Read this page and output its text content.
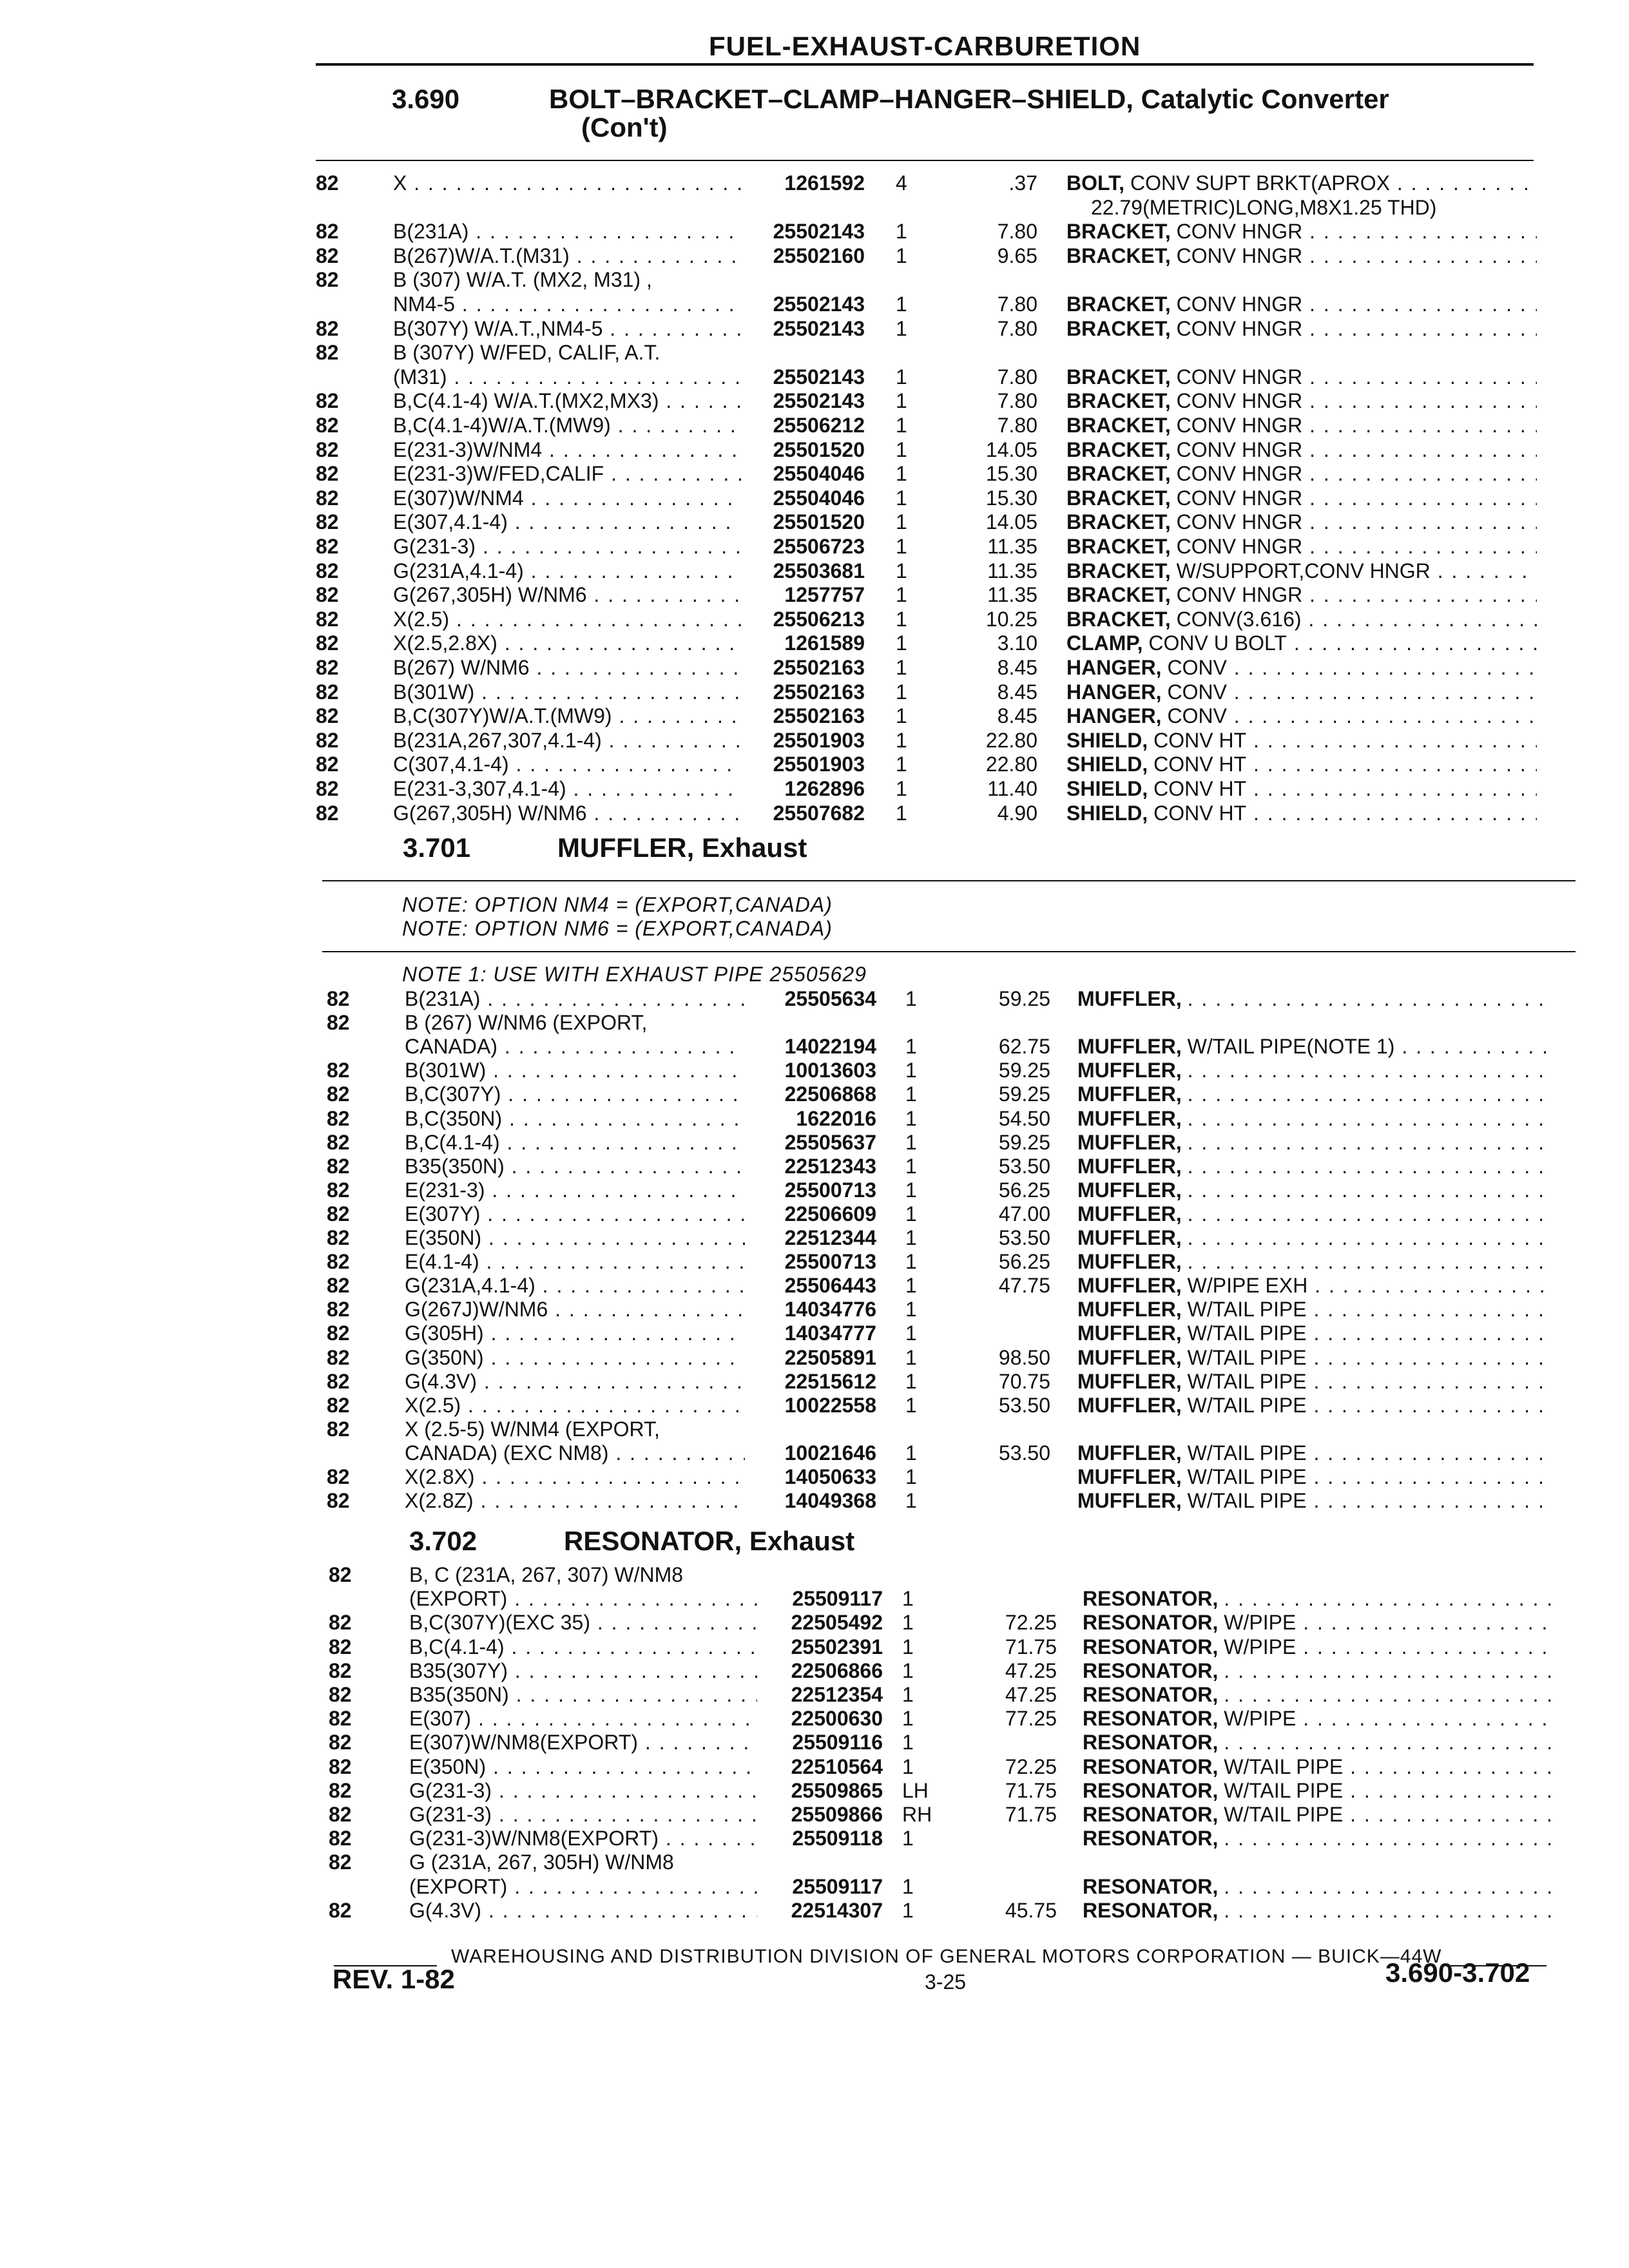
FUEL-EXHAUST-CARBURETION
3.690	BOLT–BRACKET–CLAMP–HANGER–SHIELD, Catalytic Converter
(Con't)
82	X . . .	1261592 4	.37 BOLT, CONV SUPT BRKT(APROX . . .
22.79(METRIC)LONG,M8X1.25 THD)
82	B(231A) . . .	25502143 1	7.80 BRACKET, CONV HNGR . . .
82	B(267)W/A.T.(M31) . . .	25502160 1	9.65 BRACKET, CONV HNGR . . .
82	B (307) W/A.T. (MX2, M31) ,
NM4-5 . . .	25502143 1	7.80 BRACKET, CONV HNGR . . .
82	B(307Y) W/A.T.,NM4-5 . . .	25502143 1	7.80 BRACKET, CONV HNGR . . .
82	B (307Y) W/FED, CALIF, A.T.
(M31) . . .	25502143 1	7.80 BRACKET, CONV HNGR . . .
82	B,C(4.1-4) W/A.T.(MX2,MX3) . . .	25502143 1	7.80 BRACKET, CONV HNGR . . .
82	B,C(4.1-4)W/A.T.(MW9) . . .	25506212 1	7.80 BRACKET, CONV HNGR . . .
82	E(231-3)W/NM4 . . .	25501520 1	14.05 BRACKET, CONV HNGR . . .
82	E(231-3)W/FED,CALIF . . .	25504046 1	15.30 BRACKET, CONV HNGR . . .
82	E(307)W/NM4 . . .	25504046 1	15.30 BRACKET, CONV HNGR . . .
82	E(307,4.1-4) . . .	25501520 1	14.05 BRACKET, CONV HNGR . . .
82	G(231-3) . . .	25506723 1	11.35 BRACKET, CONV HNGR . . .
82	G(231A,4.1-4) . . .	25503681 1	11.35 BRACKET, W/SUPPORT,CONV HNGR . . .
82	G(267,305H) W/NM6 . . .	1257757 1	11.35 BRACKET, CONV HNGR . . .
82	X(2.5) . . .	25506213 1	10.25 BRACKET, CONV(3.616) . . .
82	X(2.5,2.8X) . . .	1261589 1	3.10 CLAMP, CONV U BOLT . . .
82	B(267) W/NM6 . . .	25502163 1	8.45 HANGER, CONV . . .
82	B(301W) . . .	25502163 1	8.45 HANGER, CONV . . .
82	B,C(307Y)W/A.T.(MW9) . . .	25502163 1	8.45 HANGER, CONV . . .
82	B(231A,267,307,4.1-4) . . .	25501903 1	22.80 SHIELD, CONV HT . . .
82	C(307,4.1-4) . . .	25501903 1	22.80 SHIELD, CONV HT . . .
82	E(231-3,307,4.1-4) . . .	1262896 1	11.40 SHIELD, CONV HT . . .
82	G(267,305H) W/NM6 . . .	25507682 1	4.90 SHIELD, CONV HT . . .
3.701	MUFFLER, Exhaust
NOTE: OPTION NM4 = (EXPORT,CANADA)
NOTE: OPTION NM6 = (EXPORT,CANADA)
NOTE 1: USE WITH EXHAUST PIPE 25505629
82	B(231A) . . .	25505634 1	59.25 MUFFLER, . . .
82	B (267) W/NM6 (EXPORT,
CANADA) . . .	14022194 1	62.75 MUFFLER, W/TAIL PIPE(NOTE 1) . . .
82	B(301W) . . .	10013603 1	59.25 MUFFLER, . . .
82	B,C(307Y) . . .	22506868 1	59.25 MUFFLER, . . .
82	B,C(350N) . . .	1622016 1	54.50 MUFFLER, . . .
82	B,C(4.1-4) . . .	25505637 1	59.25 MUFFLER, . . .
82	B35(350N) . . .	22512343 1	53.50 MUFFLER, . . .
82	E(231-3) . . .	25500713 1	56.25 MUFFLER, . . .
82	E(307Y) . . .	22506609 1	47.00 MUFFLER, . . .
82	E(350N) . . .	22512344 1	53.50 MUFFLER, . . .
82	E(4.1-4) . . .	25500713 1	56.25 MUFFLER, . . .
82	G(231A,4.1-4) . . .	25506443 1	47.75 MUFFLER, W/PIPE EXH . . .
82	G(267J)W/NM6 . . .	14034776 1	MUFFLER, W/TAIL PIPE . . .
82	G(305H) . . .	14034777 1	MUFFLER, W/TAIL PIPE . . .
82	G(350N) . . .	22505891 1	98.50 MUFFLER, W/TAIL PIPE . . .
82	G(4.3V) . . .	22515612 1	70.75 MUFFLER, W/TAIL PIPE . . .
82	X(2.5) . . .	10022558 1	53.50 MUFFLER, W/TAIL PIPE . . .
82	X (2.5-5) W/NM4 (EXPORT,
CANADA) (EXC NM8) . . .	10021646 1	53.50 MUFFLER, W/TAIL PIPE . . .
82	X(2.8X) . . .	14050633 1	MUFFLER, W/TAIL PIPE . . .
82	X(2.8Z) . . .	14049368 1	MUFFLER, W/TAIL PIPE . . .
3.702	RESONATOR, Exhaust
82	B, C (231A, 267, 307) W/NM8
(EXPORT) . . .	25509117 1	RESONATOR, . . .
82	B,C(307Y)(EXC 35) . . .	22505492 1	72.25 RESONATOR, W/PIPE . . .
82	B,C(4.1-4) . . .	25502391 1	71.75 RESONATOR, W/PIPE . . .
82	B35(307Y) . . .	22506866 1	47.25 RESONATOR, . . .
82	B35(350N) . . .	22512354 1	47.25 RESONATOR, . . .
82	E(307) . . .	22500630 1	77.25 RESONATOR, W/PIPE . . .
82	E(307)W/NM8(EXPORT) . . .	25509116 1	RESONATOR, . . .
82	E(350N) . . .	22510564 1	72.25 RESONATOR, W/TAIL PIPE . . .
82	G(231-3) . . .	25509865 LH	71.75 RESONATOR, W/TAIL PIPE . . .
82	G(231-3) . . .	25509866 RH	71.75 RESONATOR, W/TAIL PIPE . . .
82	G(231-3)W/NM8(EXPORT) . . .	25509118 1	RESONATOR, . . .
82	G (231A, 267, 305H) W/NM8
(EXPORT) . . .	25509117 1	RESONATOR, . . .
82	G(4.3V) . . .	22514307 1	45.75 RESONATOR, . . .
WAREHOUSING AND DISTRIBUTION DIVISION OF GENERAL MOTORS CORPORATION — BUICK—44W
REV. 1-82	3-25	3.690-3.702
